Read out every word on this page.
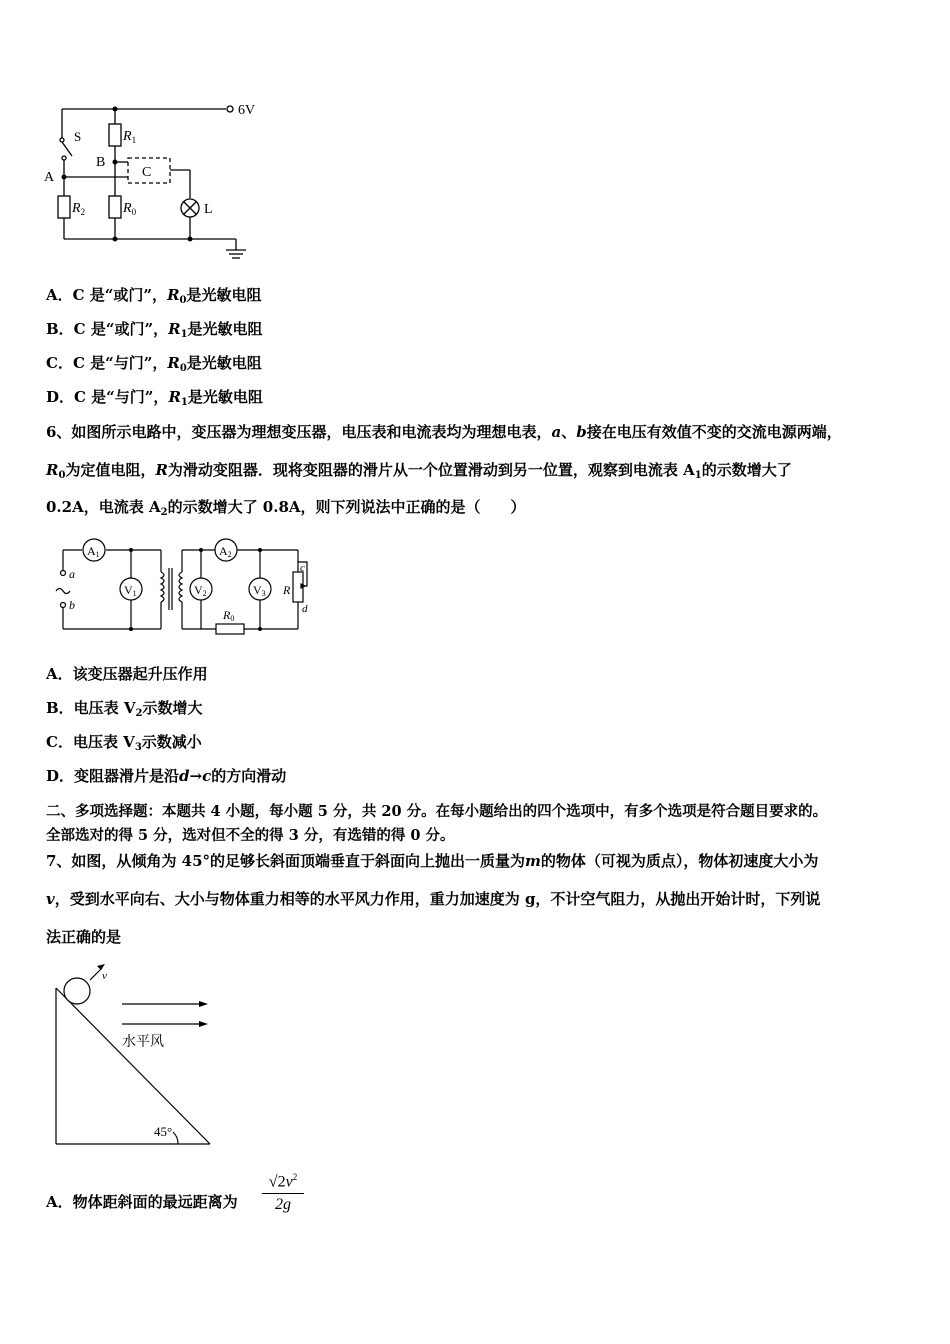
6V
S	$R_1$
B
A	C
$R_2$	$R_0$	L
A．C 是“或门”，$R_0$是光敏电阻
B．C 是“或门”，$R_1$是光敏电阻
C．C 是“与门”，$R_0$是光敏电阻
D．C 是“与门”，$R_1$是光敏电阻
6、如图所示电路中，变压器为理想变压器，电压表和电流表均为理想电表，a、b接在电压有效值不变的交流电源两端，
$R_0$为定值电阻，R为滑动变阻器．现将变阻器的滑片从一个位置滑动到另一位置，观察到电流表 $A_1$的示数增大了
0.2A，电流表 $A_2$的示数增大了 0.8A，则下列说法中正确的是（　　）
A1
V1
a
b
A2
V2	V3 R
c
d
R0
A．该变压器起升压作用
B．电压表 $V_2$示数增大
C．电压表 $V_3$示数减小
D．变阻器滑片是沿d→c的方向滑动
二、多项选择题：本题共 4 小题，每小题 5 分，共 20 分。在每小题给出的四个选项中，有多个选项是符合题目要求的。
全部选对的得 5 分，选对但不全的得 3 分，有选错的得 0 分。
7、如图，从倾角为 45°的足够长斜面顶端垂直于斜面向上抛出一质量为m的物体（可视为质点），物体初速度大小为
v，受到水平向右、大小与物体重力相等的水平风力作用，重力加速度为 g，不计空气阻力，从抛出开始计时，下列说
法正确的是
v
水平风
45°
A．物体距斜面的最远距离为 $\frac{√2v^2}{2g}$
